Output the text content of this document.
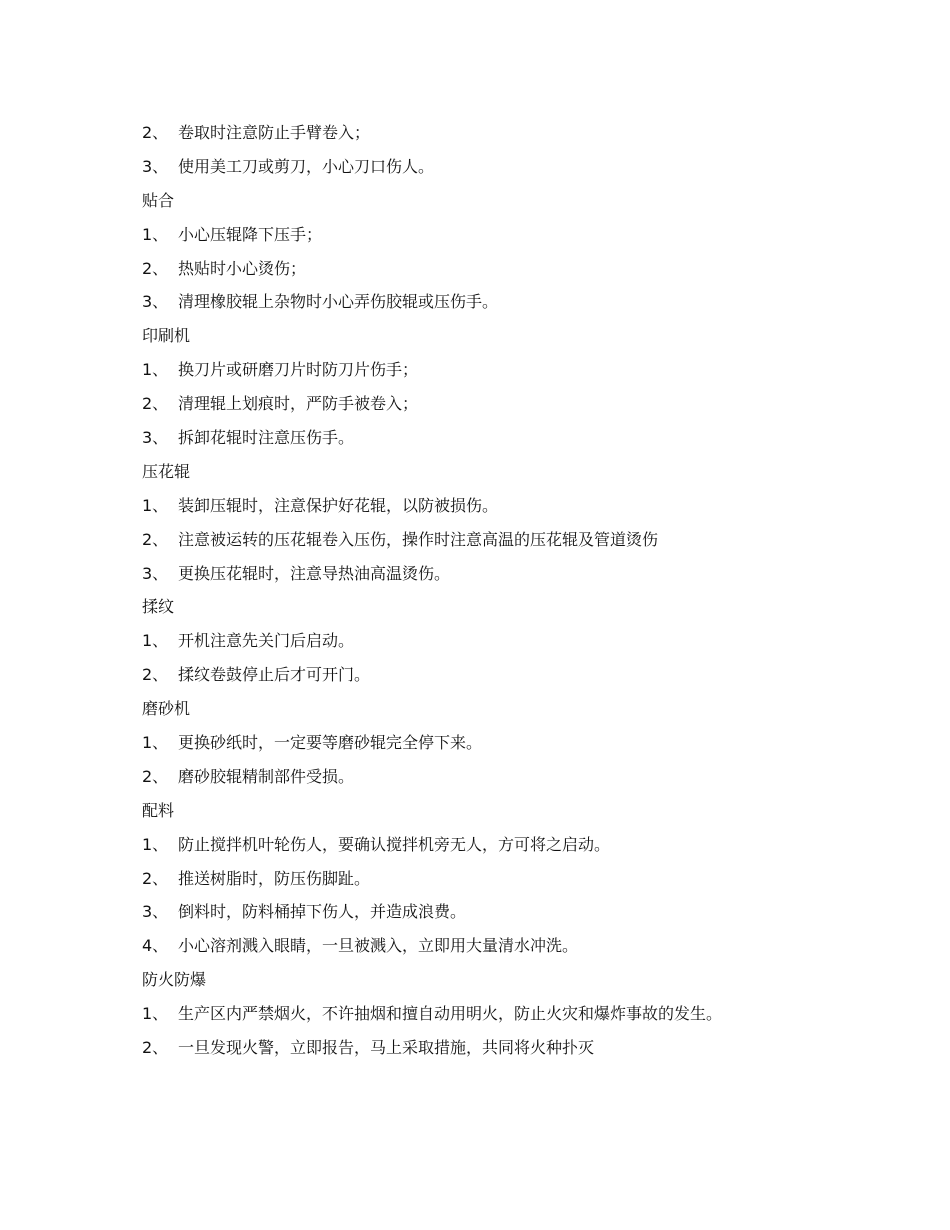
2、 卷取时注意防止手臂卷入；
3、 使用美工刀或剪刀，小心刀口伤人。
贴合
1、 小心压辊降下压手；
2、 热贴时小心烫伤；
3、 清理橡胶辊上杂物时小心弄伤胶辊或压伤手。
印刷机
1、 换刀片或研磨刀片时防刀片伤手；
2、 清理辊上划痕时，严防手被卷入；
3、 拆卸花辊时注意压伤手。
压花辊
1、 装卸压辊时，注意保护好花辊，以防被损伤。
2、 注意被运转的压花辊卷入压伤，操作时注意高温的压花辊及管道烫伤
3、 更换压花辊时，注意导热油高温烫伤。
揉纹
1、 开机注意先关门后启动。
2、 揉纹卷鼓停止后才可开门。
磨砂机
1、 更换砂纸时，一定要等磨砂辊完全停下来。
2、 磨砂胶辊精制部件受损。
配料
1、 防止搅拌机叶轮伤人，要确认搅拌机旁无人，方可将之启动。
2、 推送树脂时，防压伤脚趾。
3、 倒料时，防料桶掉下伤人，并造成浪费。
4、 小心溶剂溅入眼睛，一旦被溅入，立即用大量清水冲洗。
防火防爆
1、 生产区内严禁烟火，不许抽烟和擅自动用明火，防止火灾和爆炸事故的发生。
2、 一旦发现火警，立即报告，马上采取措施，共同将火种扑灭
